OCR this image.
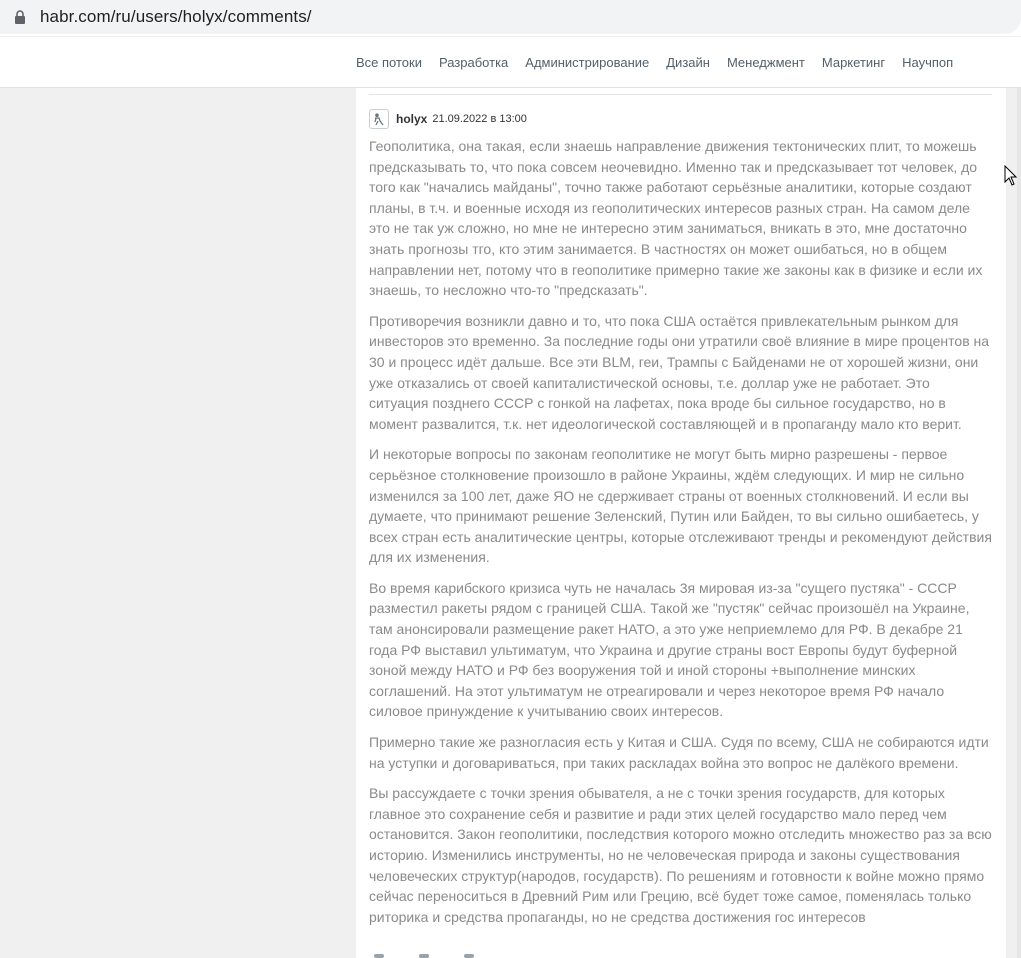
habr.com/ru/users/holyx/comments/
Все потоки Разработка Администрирование Дизайн Менеджмент Маркетинг Научпоп
holyx 21.09.2022 в 13:00

Геополитика, она такая, если знаешь направление движения тектонических плит, то можешь предсказывать то, что пока совсем неочевидно. Именно так и предсказывает тот человек, до того как "начались майданы", точно также работают серьёзные аналитики, которые создают планы, в т.ч. и военные исходя из геополитических интересов разных стран. На самом деле это не так уж сложно, но мне не интересно этим заниматься, вникать в это, мне достаточно знать прогнозы тго, кто этим занимается. В частностях он может ошибаться, но в общем направлении нет, потому что в геополитике примерно такие же законы как в физике и если их знаешь, то несложно что-то "предсказать".

Противоречия возникли давно и то, что пока США остаётся привлекательным рынком для инвесторов это временно. За последние годы они утратили своё влияние в мире процентов на 30 и процесс идёт дальше. Все эти BLM, геи, Трампы с Байденами не от хорошей жизни, они уже отказались от своей капиталистической основы, т.е. доллар уже не работает. Это ситуация позднего СССР с гонкой на лафетах, пока вроде бы сильное государство, но в момент развалится, т.к. нет идеологической составляющей и в пропаганду мало кто верит.

И некоторые вопросы по законам геополитике не могут быть мирно разрешены - первое серьёзное столкновение произошло в районе Украины, ждём следующих. И мир не сильно изменился за 100 лет, даже ЯО не сдерживает страны от военных столкновений. И если вы думаете, что принимают решение Зеленский, Путин или Байден, то вы сильно ошибаетесь, у всех стран есть аналитические центры, которые отслеживают тренды и рекомендуют действия для их изменения.

Во время карибского кризиса чуть не началась 3я мировая из-за "сущего пустяка" - СССР разместил ракеты рядом с границей США. Такой же "пустяк" сейчас произошёл на Украине, там анонсировали размещение ракет НАТО, а это уже неприемлемо для РФ. В декабре 21 года РФ выставил ультиматум, что Украина и другие страны вост Европы будут буферной зоной между НАТО и РФ без вооружения той и иной стороны +выполнение минских соглашений. На этот ультиматум не отреагировали и через некоторое время РФ начало силовое принуждение к учитыванию своих интересов.

Примерно такие же разногласия есть у Китая и США. Судя по всему, США не собираются идти на уступки и договариваться, при таких раскладах война это вопрос не далёкого времени.

Вы рассуждаете с точки зрения обывателя, а не с точки зрения государств, для которых главное это сохранение себя и развитие и ради этих целей государство мало перед чем остановится. Закон геополитики, последствия которого можно отследить множество раз за всю историю. Изменились инструменты, но не человеческая природа и законы существования человеческих структур(народов, государств). По решениям и готовности к войне можно прямо сейчас переноситься в Древний Рим или Грецию, всё будет тоже самое, поменялась только риторика и средства пропаганды, но не средства достижения гос интересов
